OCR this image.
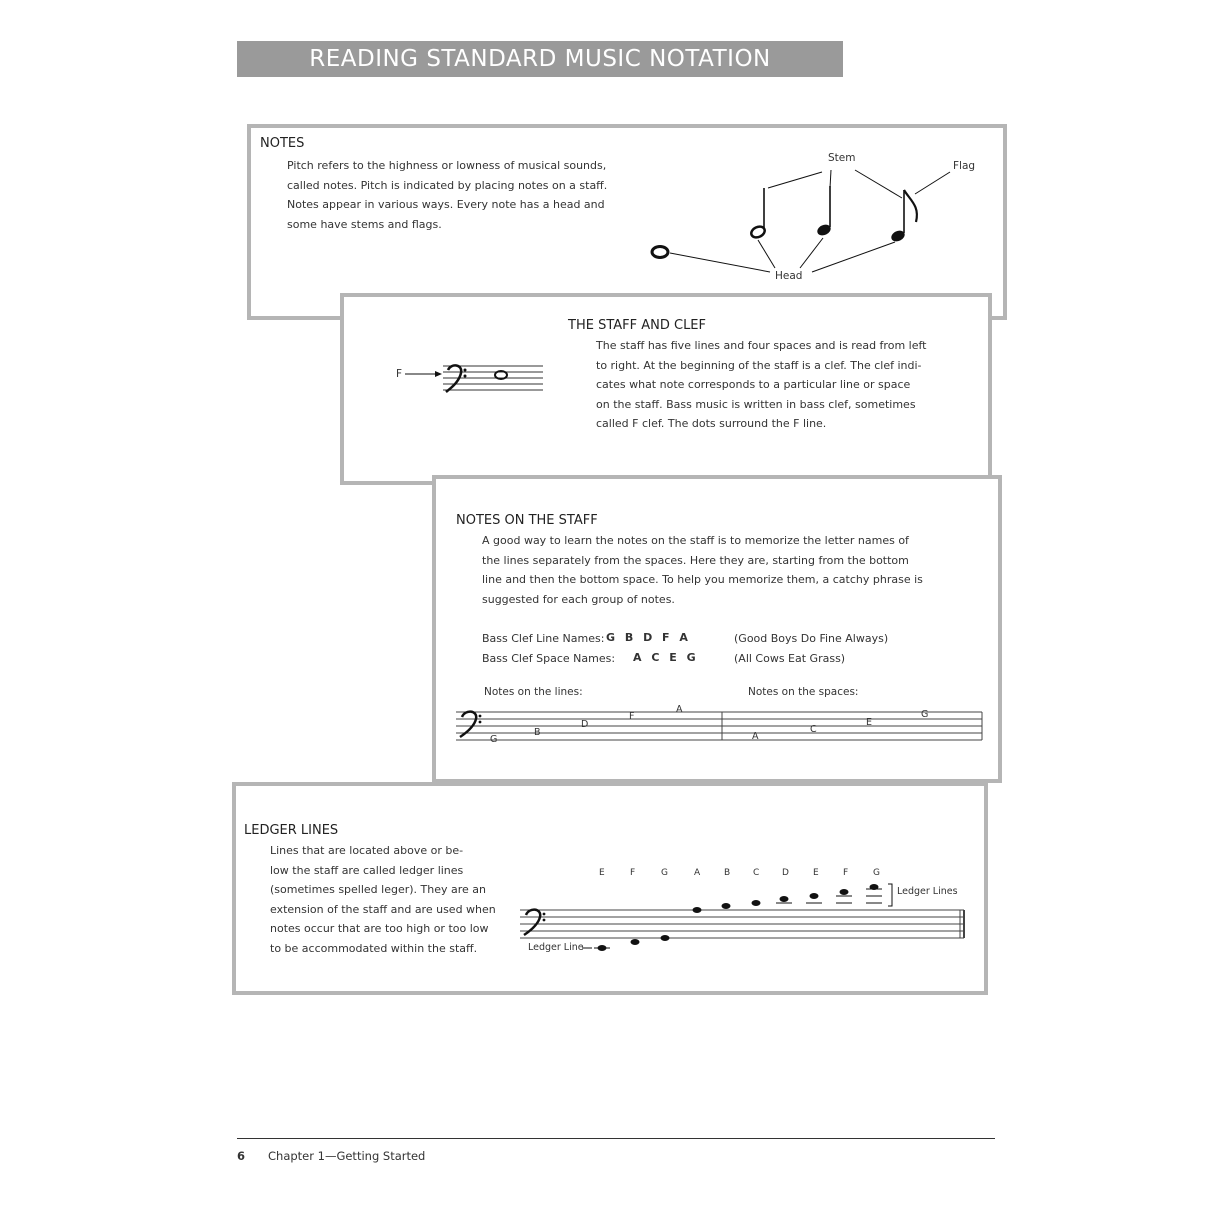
READING STANDARD MUSIC NOTATION
NOTES
Pitch refers to the highness or lowness of musical sounds,
called notes. Pitch is indicated by placing notes on a staff.
Notes appear in various ways. Every note has a head and
some have stems and flags.
Stem
Flag
Head
THE STAFF AND CLEF
The staff has five lines and four spaces and is read from left
to right. At the beginning of the staff is a clef. The clef indi-
cates what note corresponds to a particular line or space
on the staff. Bass music is written in bass clef, sometimes
called F clef. The dots surround the F line.
F
NOTES ON THE STAFF
A good way to learn the notes on the staff is to memorize the letter names of
the lines separately from the spaces. Here they are, starting from the bottom
line and then the bottom space. To help you memorize them, a catchy phrase is
suggested for each group of notes.
Bass Clef Line Names: G B D F A	(Good Boys Do Fine Always)
Bass Clef Space Names: A C E G	(All Cows Eat Grass)
Notes on the lines:	Notes on the spaces:
G
B
D
F
A
A
C
E
G
LEDGER LINES
Lines that are located above or be-
low the staff are called ledger lines
(sometimes spelled leger). They are an
extension of the staff and are used when
notes occur that are too high or too low
to be accommodated within the staff.
E	F	G	A	B	C	D	E	F	G
Ledger Lines
Ledger Line
6 Chapter 1—Getting Started
